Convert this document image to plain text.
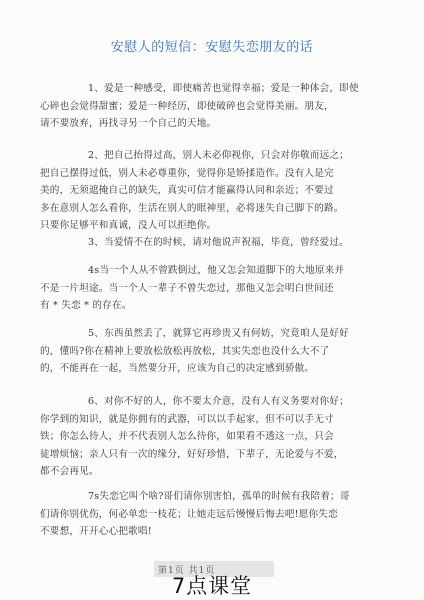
安慰人的短信：安慰失恋朋友的话
1、爱是一种感受，即使痛苦也觉得幸福；爱是一种体会，即使
心碎也会觉得甜蜜；爱是一种经历，即使破碎也会觉得美丽。朋友，
请不要放弃，再找寻另一个自己的天地。
2、把自己抬得过高，别人未必仰视你，只会对你敬而远之；
把自己摆得过低，别人未必尊重你，觉得你是矫揉造作。没有人是完
美的，无须遮掩自己的缺失，真实可信才能赢得认同和亲近；不要过
多在意别人怎么看你，生活在别人的眼神里，必将迷失自己脚下的路。
只要你足够平和真诚，没人可以拒绝你。
3、当爱情不在的时候，请对他说声祝福，毕竟，曾经爱过。
4s当一个人从不曾跌倒过，他又怎会知道脚下的大地原来并
不是一片坦途。当一个人一辈子不曾失恋过，那他又怎会明白世间还
有 * 失恋 * 的存在。
5、东西虽然丢了，就算它再珍贵又有何妨，究竟咱人是好好
的，懂吗?你在精神上要放松放松再放松，其实失恋也没什么大不了
的，不能再在一起，当然要分开，应该为自己的决定感到骄傲。
6、对你不好的人，你不要太介意，没有人有义务要对你好；
你学到的知识，就是你拥有的武器，可以以手起家，但不可以手无寸
铁；你怎么待人，并不代表别人怎么待你，如果看不透这一点，只会
徒增烦恼；亲人只有一次的缘分，好好珍惜，下辈子，无论爱与不爱，
都不会再见。
7s失恋它叫个啥?哥们请你别害怕，孤单的时候有我陪着；哥
们请你别优伤，何必单恋一枝花；让她走远后慢慢后悔去吧!愿你失恋
不要想，开开心心把歌唱!
第1页 共1页
7点课堂
